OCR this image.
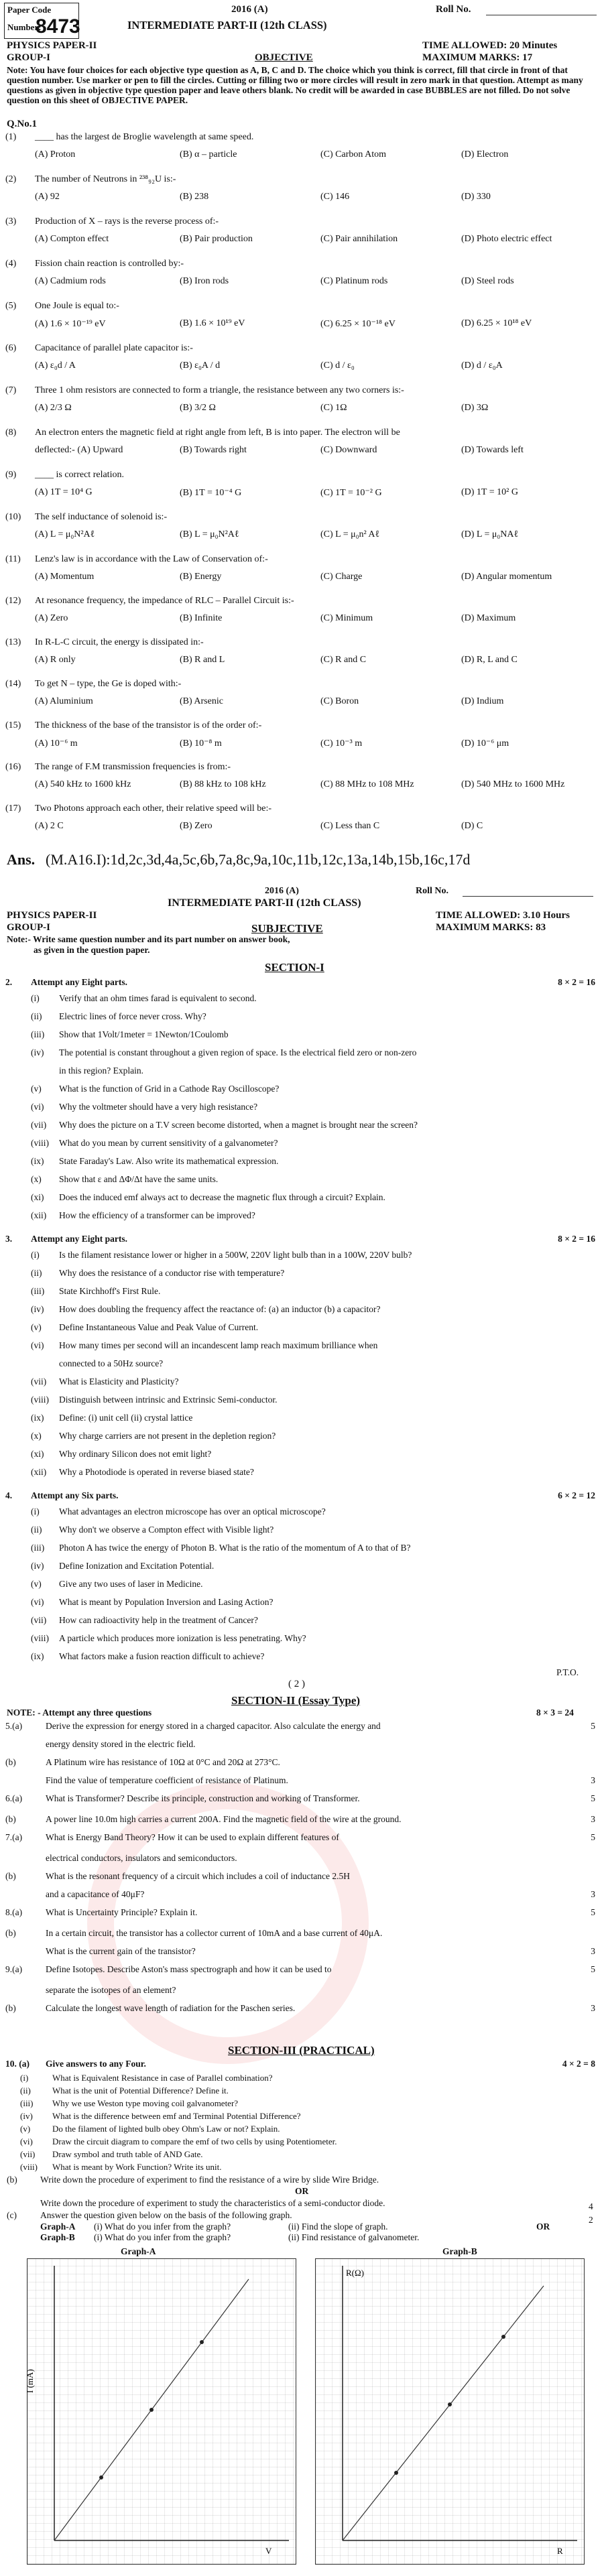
Paper Code
Number:
8473
2016 (A)	Roll No.
INTERMEDIATE PART-II (12th CLASS)
PHYSICS PAPER-II	TIME ALLOWED: 20 Minutes
GROUP-I	OBJECTIVE	MAXIMUM MARKS: 17
Note: You have four choices for each objective type question as A, B, C and D. The choice which you think is correct, fill that circle in front of that question number. Use marker or pen to fill the circles. Cutting or filling two or more circles will result in zero mark in that question. Attempt as many questions as given in objective type question paper and leave others blank. No credit will be awarded in case BUBBLES are not filled. Do not solve question on this sheet of OBJECTIVE PAPER.
Q.No.1
(1) ____ has the largest de Broglie wavelength at same speed.
(A) Proton	(B) α – particle	(C) Carbon Atom	(D) Electron
(2) The number of Neutrons in ²³⁸₉₂U is:-
(A) 92	(B) 238	(C) 146	(D) 330
(3) Production of X – rays is the reverse process of:-
(A) Compton effect	(B) Pair production	(C) Pair annihilation	(D) Photo electric effect
(4) Fission chain reaction is controlled by:-
(A) Cadmium rods	(B) Iron rods	(C) Platinum rods	(D) Steel rods
(5) One Joule is equal to:-
(A) 1.6 × 10⁻¹⁹ eV	(B) 1.6 × 10¹⁹ eV	(C) 6.25 × 10⁻¹⁸ eV	(D) 6.25 × 10¹⁸ eV
(6) Capacitance of parallel plate capacitor is:-
(A) ε₀d / A	(B) ε₀A / d	(C) d / ε₀	(D) d / ε₀A
(7) Three 1 ohm resistors are connected to form a triangle, the resistance between any two corners is:-
(A) 2/3 Ω	(B) 3/2 Ω	(C) 1Ω	(D) 3Ω
(8) An electron enters the magnetic field at right angle from left, B is into paper. The electron will be
deflected:- (A) Upward	(B) Towards right	(C) Downward	(D) Towards left
(9) ____ is correct relation.
(A) 1T = 10⁴ G	(B) 1T = 10⁻⁴ G	(C) 1T = 10⁻² G	(D) 1T = 10² G
(10) The self inductance of solenoid is:-
(A) L = μ₀N²Aℓ	(B) L = μ₀N²Aℓ	(C) L = μ₀n² Aℓ	(D) L = μ₀NAℓ
(11) Lenz's law is in accordance with the Law of Conservation of:-
(A) Momentum	(B) Energy	(C) Charge	(D) Angular momentum
(12) At resonance frequency, the impedance of RLC – Parallel Circuit is:-
(A) Zero	(B) Infinite	(C) Minimum	(D) Maximum
(13) In R-L-C circuit, the energy is dissipated in:-
(A) R only	(B) R and L	(C) R and C	(D) R, L and C
(14) To get N – type, the Ge is doped with:-
(A) Aluminium	(B) Arsenic	(C) Boron	(D) Indium
(15) The thickness of the base of the transistor is of the order of:-
(A) 10⁻⁶ m	(B) 10⁻⁸ m	(C) 10⁻³ m	(D) 10⁻⁶ μm
(16) The range of F.M transmission frequencies is from:-
(A) 540 kHz to 1600 kHz	(B) 88 kHz to 108 kHz	(C) 88 MHz to 108 MHz	(D) 540 MHz to 1600 MHz
(17) Two Photons approach each other, their relative speed will be:-
(A) 2 C	(B) Zero	(C) Less than C	(D) C
Ans. (M.A16.I):1d,2c,3d,4a,5c,6b,7a,8c,9a,10c,11b,12c,13a,14b,15b,16c,17d
2016 (A)	Roll No.
INTERMEDIATE PART-II (12th CLASS)
PHYSICS PAPER-II	TIME ALLOWED: 3.10 Hours
GROUP-I	SUBJECTIVE	MAXIMUM MARKS: 83
Note:- Write same question number and its part number on answer book,
as given in the question paper.
SECTION-I
2. Attempt any Eight parts.	8 × 2 = 16
(i) Verify that an ohm times farad is equivalent to second.
(ii) Electric lines of force never cross. Why?
(iii) Show that 1Volt/1meter = 1Newton/1Coulomb
(iv) The potential is constant throughout a given region of space. Is the electrical field zero or non-zero
in this region? Explain.
(v) What is the function of Grid in a Cathode Ray Oscilloscope?
(vi) Why the voltmeter should have a very high resistance?
(vii) Why does the picture on a T.V screen become distorted, when a magnet is brought near the screen?
(viii) What do you mean by current sensitivity of a galvanometer?
(ix) State Faraday's Law. Also write its mathematical expression.
(x) Show that ε and ΔΦ/Δt have the same units.
(xi) Does the induced emf always act to decrease the magnetic flux through a circuit? Explain.
(xii) How the efficiency of a transformer can be improved?
3. Attempt any Eight parts.	8 × 2 = 16
(i) Is the filament resistance lower or higher in a 500W, 220V light bulb than in a 100W, 220V bulb?
(ii) Why does the resistance of a conductor rise with temperature?
(iii) State Kirchhoff's First Rule.
(iv) How does doubling the frequency affect the reactance of: (a) an inductor (b) a capacitor?
(v) Define Instantaneous Value and Peak Value of Current.
(vi) How many times per second will an incandescent lamp reach maximum brilliance when
connected to a 50Hz source?
(vii) What is Elasticity and Plasticity?
(viii) Distinguish between intrinsic and Extrinsic Semi-conductor.
(ix) Define: (i) unit cell (ii) crystal lattice
(x) Why charge carriers are not present in the depletion region?
(xi) Why ordinary Silicon does not emit light?
(xii) Why a Photodiode is operated in reverse biased state?
4. Attempt any Six parts.	6 × 2 = 12
(i) What advantages an electron microscope has over an optical microscope?
(ii) Why don't we observe a Compton effect with Visible light?
(iii) Photon A has twice the energy of Photon B. What is the ratio of the momentum of A to that of B?
(iv) Define Ionization and Excitation Potential.
(v) Give any two uses of laser in Medicine.
(vi) What is meant by Population Inversion and Lasing Action?
(vii) How can radioactivity help in the treatment of Cancer?
(viii) A particle which produces more ionization is less penetrating. Why?
(ix) What factors make a fusion reaction difficult to achieve?
P.T.O.
( 2 )
SECTION-II (Essay Type)
NOTE: - Attempt any three questions	8 × 3 = 24
5.(a)	Derive the expression for energy stored in a charged capacitor. Also calculate the energy and	5
energy density stored in the electric field.
(b)	A Platinum wire has resistance of 10Ω at 0°C and 20Ω at 273°C.
Find the value of temperature coefficient of resistance of Platinum.	3
6.(a)	What is Transformer? Describe its principle, construction and working of Transformer.	5
(b)	A power line 10.0m high carries a current 200A. Find the magnetic field of the wire at the ground.	3
7.(a)	What is Energy Band Theory? How it can be used to explain different features of	5
electrical conductors, insulators and semiconductors.
(b)	What is the resonant frequency of a circuit which includes a coil of inductance 2.5H
and a capacitance of 40μF?	3
8.(a)	What is Uncertainty Principle? Explain it.	5
(b)	In a certain circuit, the transistor has a collector current of 10mA and a base current of 40μA.
What is the current gain of the transistor?	3
9.(a)	Define Isotopes. Describe Aston's mass spectrograph and how it can be used to	5
separate the isotopes of an element?
(b)	Calculate the longest wave length of radiation for the Paschen series.	3
SECTION-III (PRACTICAL)
10. (a) Give answers to any Four.	4 × 2 = 8
(i)	What is Equivalent Resistance in case of Parallel combination?
(ii) What is the unit of Potential Difference? Define it.
(iii) Why we use Weston type moving coil galvanometer?
(iv) What is the difference between emf and Terminal Potential Difference?
(v)	Do the filament of lighted bulb obey Ohm's Law or not? Explain.
(vi) Draw the circuit diagram to compare the emf of two cells by using Potentiometer.
(vii) Draw symbol and truth table of AND Gate.
(viii) What is meant by Work Function? Write its unit.
(b)	Write down the procedure of experiment to find the resistance of a wire by slide Wire Bridge.
OR
Write down the procedure of experiment to study the characteristics of a semi-conductor diode.	4
(c)	Answer the question given below on the basis of the following graph.	2
Graph-A (i) What do you infer from the graph?	(ii) Find the slope of graph.	OR
Graph-B (i) What do you infer from the graph?	(ii) Find resistance of galvanometer.
Graph-A	Graph-B
V
I (mA)
R
R(Ω)
